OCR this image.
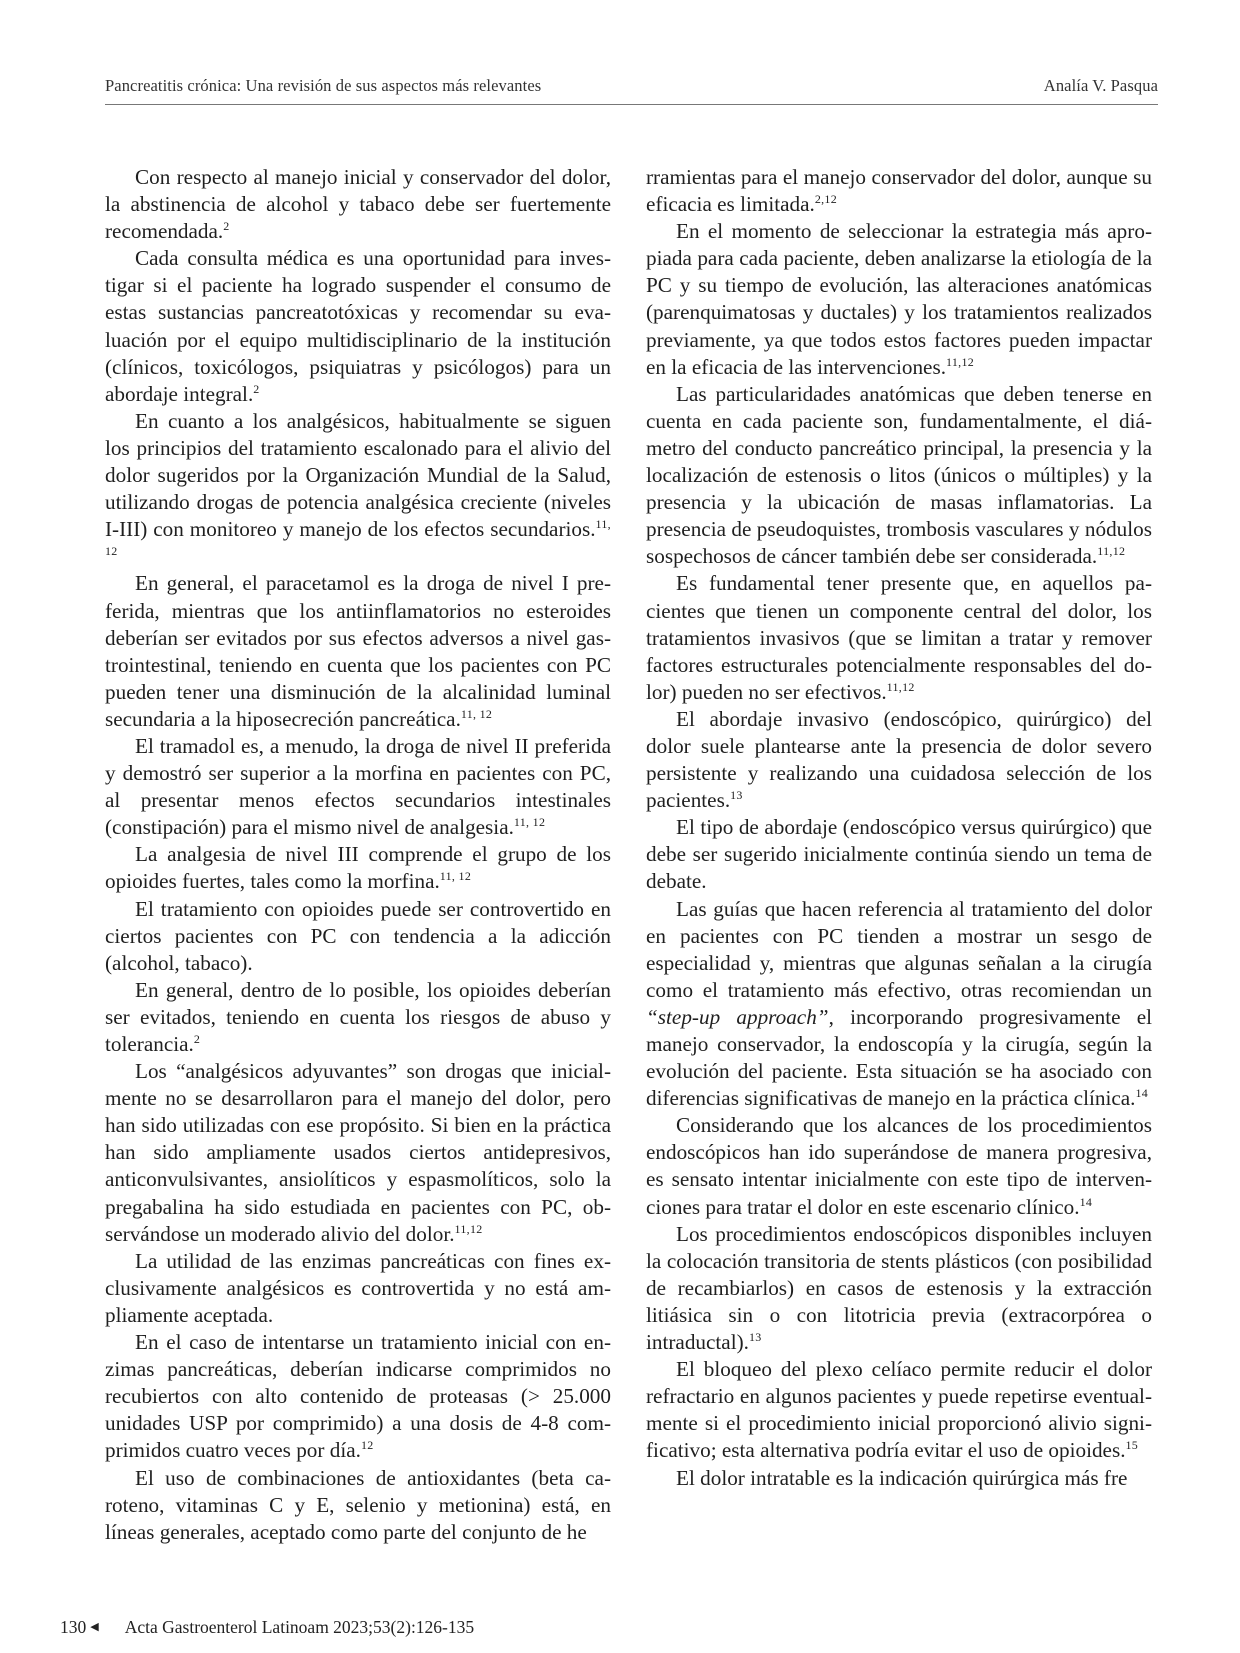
Pancreatitis crónica: Una revisión de sus aspectos más relevantes	Analía V. Pasqua

Con respecto al manejo inicial y conservador del dolor, la abstinencia de alcohol y tabaco debe ser fuertemente recomendada.$^2$

Cada consulta médica es una oportunidad para investigar si el paciente ha logrado suspender el consumo de estas sustancias pancreatotóxicas y recomendar su evaluación por el equipo multidisciplinario de la institución (clínicos, toxicólogos, psiquiatras y psicólogos) para un abordaje integral.$^2$

En cuanto a los analgésicos, habitualmente se siguen los principios del tratamiento escalonado para el alivio del dolor sugeridos por la Organización Mundial de la Salud, utilizando drogas de potencia analgésica creciente (niveles I-III) con monitoreo y manejo de los efectos secundarios.$^{11, 12}$

En general, el paracetamol es la droga de nivel I preferida, mientras que los antiinflamatorios no esteroides deberían ser evitados por sus efectos adversos a nivel gastrointestinal, teniendo en cuenta que los pacientes con PC pueden tener una disminución de la alcalinidad luminal secundaria a la hiposecreción pancreática.$^{11, 12}$

El tramadol es, a menudo, la droga de nivel II preferida y demostró ser superior a la morfina en pacientes con PC, al presentar menos efectos secundarios intestinales (constipación) para el mismo nivel de analgesia.$^{11, 12}$

La analgesia de nivel III comprende el grupo de los opioides fuertes, tales como la morfina.$^{11, 12}$

El tratamiento con opioides puede ser controvertido en ciertos pacientes con PC con tendencia a la adicción (alcohol, tabaco).

En general, dentro de lo posible, los opioides deberían ser evitados, teniendo en cuenta los riesgos de abuso y tolerancia.$^2$

Los “analgésicos adyuvantes” son drogas que inicialmente no se desarrollaron para el manejo del dolor, pero han sido utilizadas con ese propósito. Si bien en la práctica han sido ampliamente usados ciertos antidepresivos, anticonvulsivantes, ansiolíticos y espasmolíticos, solo la pregabalina ha sido estudiada en pacientes con PC, observándose un moderado alivio del dolor.$^{11,12}$

La utilidad de las enzimas pancreáticas con fines exclusivamente analgésicos es controvertida y no está ampliamente aceptada.

En el caso de intentarse un tratamiento inicial con enzimas pancreáticas, deberían indicarse comprimidos no recubiertos con alto contenido de proteasas (> 25.000 unidades USP por comprimido) a una dosis de 4-8 comprimidos cuatro veces por día.$^{12}$

El uso de combinaciones de antioxidantes (beta caroteno, vitaminas C y E, selenio y metionina) está, en líneas generales, aceptado como parte del conjunto de he

rramientas para el manejo conservador del dolor, aunque su eficacia es limitada.$^{2,12}$

En el momento de seleccionar la estrategia más apropiada para cada paciente, deben analizarse la etiología de la PC y su tiempo de evolución, las alteraciones anatómicas (parenquimatosas y ductales) y los tratamientos realizados previamente, ya que todos estos factores pueden impactar en la eficacia de las intervenciones.$^{11,12}$

Las particularidades anatómicas que deben tenerse en cuenta en cada paciente son, fundamentalmente, el diámetro del conducto pancreático principal, la presencia y la localización de estenosis o litos (únicos o múltiples) y la presencia y la ubicación de masas inflamatorias. La presencia de pseudoquistes, trombosis vasculares y nódulos sospechosos de cáncer también debe ser considerada.$^{11,12}$

Es fundamental tener presente que, en aquellos pacientes que tienen un componente central del dolor, los tratamientos invasivos (que se limitan a tratar y remover factores estructurales potencialmente responsables del dolor) pueden no ser efectivos.$^{11,12}$

El abordaje invasivo (endoscópico, quirúrgico) del dolor suele plantearse ante la presencia de dolor severo persistente y realizando una cuidadosa selección de los pacientes.$^{13}$

El tipo de abordaje (endoscópico versus quirúrgico) que debe ser sugerido inicialmente continúa siendo un tema de debate.

Las guías que hacen referencia al tratamiento del dolor en pacientes con PC tienden a mostrar un sesgo de especialidad y, mientras que algunas señalan a la cirugía como el tratamiento más efectivo, otras recomiendan un “step-up approach”, incorporando progresivamente el manejo conservador, la endoscopía y la cirugía, según la evolución del paciente. Esta situación se ha asociado con diferencias significativas de manejo en la práctica clínica.$^{14}$

Considerando que los alcances de los procedimientos endoscópicos han ido superándose de manera progresiva, es sensato intentar inicialmente con este tipo de intervenciones para tratar el dolor en este escenario clínico.$^{14}$

Los procedimientos endoscópicos disponibles incluyen la colocación transitoria de stents plásticos (con posibilidad de recambiarlos) en casos de estenosis y la extracción litiásica sin o con litotricia previa (extracorpórea o intraductal).$^{13}$

El bloqueo del plexo celíaco permite reducir el dolor refractario en algunos pacientes y puede repetirse eventualmente si el procedimiento inicial proporcionó alivio significativo; esta alternativa podría evitar el uso de opioides.$^{15}$

El dolor intratable es la indicación quirúrgica más fre

130 ◀ Acta Gastroenterol Latinoam 2023;53(2):126-135
